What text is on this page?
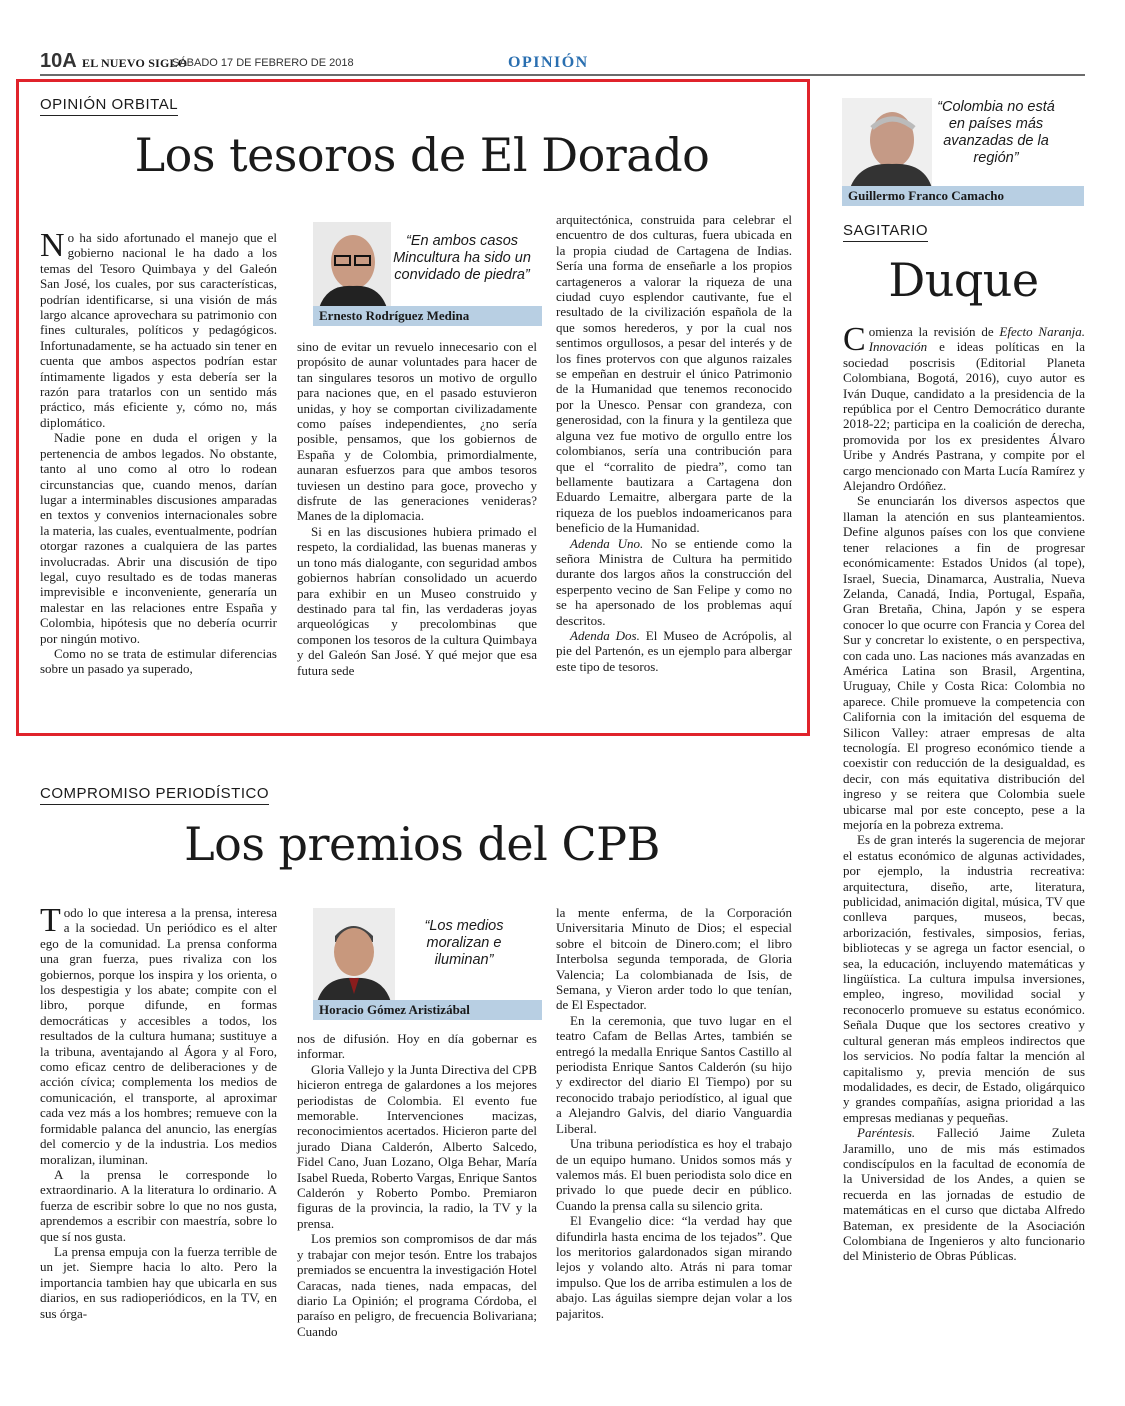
10A EL NUEVO SIGLO
SÁBADO 17 DE FEBRERO DE 2018	OPINIÓN
OPINIÓN ORBITAL
Los tesoros de El Dorado

No ha sido afortunado el manejo que el gobierno nacional le ha dado a los temas del Tesoro Quimbaya y del Galeón San José, los cuales, por sus características, podrían identificarse, si una visión de más largo alcance aprovechara su patrimonio con fines culturales, políticos y pedagógicos. Infortunadamente, se ha actuado sin tener en cuenta que ambos aspectos podrían estar íntimamente ligados y esta debería ser la razón para tratarlos con un sentido más práctico, más eficiente y, cómo no, más diplomático.

Nadie pone en duda el origen y la pertenencia de ambos legados. No obstante, tanto al uno como al otro lo rodean circunstancias que, cuando menos, darían lugar a interminables discusiones amparadas en textos y convenios internacionales sobre la materia, las cuales, eventualmente, podrían otorgar razones a cualquiera de las partes involucradas. Abrir una discusión de tipo legal, cuyo resultado es de todas maneras imprevisible e inconveniente, generaría un malestar en las relaciones entre España y Colombia, hipótesis que no debería ocurrir por ningún motivo.

Como no se trata de estimular diferencias sobre un pasado ya superado,

“En ambos casos Mincultura ha sido un convidado de piedra”
Ernesto Rodríguez Medina

sino de evitar un revuelo innecesario con el propósito de aunar voluntades para hacer de tan singulares tesoros un motivo de orgullo para naciones que, en el pasado estuvieron unidas, y hoy se comportan civilizadamente como países independientes, ¿no sería posible, pensamos, que los gobiernos de España y de Colombia, primordialmente, aunaran esfuerzos para que ambos tesoros tuviesen un destino para goce, provecho y disfrute de las generaciones venideras? Manes de la diplomacia.

Si en las discusiones hubiera primado el respeto, la cordialidad, las buenas maneras y un tono más dialogante, con seguridad ambos gobiernos habrían consolidado un acuerdo para exhibir en un Museo construido y destinado para tal fin, las verdaderas joyas arqueológicas y precolombinas que componen los tesoros de la cultura Quimbaya y del Galeón San José. Y qué mejor que esa futura sede

arquitectónica, construida para celebrar el encuentro de dos culturas, fuera ubicada en la propia ciudad de Cartagena de Indias. Sería una forma de enseñarle a los propios cartageneros a valorar la riqueza de una ciudad cuyo esplendor cautivante, fue el resultado de la civilización española de la que somos herederos, y por la cual nos sentimos orgullosos, a pesar del interés y de los fines protervos con que algunos raizales se empeñan en destruir el único Patrimonio de la Humanidad que tenemos reconocido por la Unesco. Pensar con grandeza, con generosidad, con la finura y la gentileza que alguna vez fue motivo de orgullo entre los colombianos, sería una contribución para que el “corralito de piedra”, como tan bellamente bautizara a Cartagena don Eduardo Lemaitre, albergara parte de la riqueza de los pueblos indoamericanos para beneficio de la Humanidad.

Adenda Uno. No se entiende como la señora Ministra de Cultura ha permitido durante dos largos años la construcción del esperpento vecino de San Felipe y como no se ha apersonado de los problemas aquí descritos.

Adenda Dos. El Museo de Acrópolis, al pie del Partenón, es un ejemplo para albergar este tipo de tesoros.

COMPROMISO PERIODÍSTICO
Los premios del CPB

Todo lo que interesa a la prensa, interesa a la sociedad. Un periódico es el alter ego de la comunidad. La prensa conforma una gran fuerza, pues rivaliza con los gobiernos, porque los inspira y los orienta, o los despestigia y los abate; compite con el libro, porque difunde, en formas democráticas y accesibles a todos, los resultados de la cultura humana; sustituye a la tribuna, aventajando al Ágora y al Foro, como eficaz centro de deliberaciones y de acción cívica; complementa los medios de comunicación, el transporte, al aproximar cada vez más a los hombres; remueve con la formidable palanca del anuncio, las energías del comercio y de la industria. Los medios moralizan, iluminan.

A la prensa le corresponde lo extraordinario. A la literatura lo ordinario. A fuerza de escribir sobre lo que no nos gusta, aprendemos a escribir con maestría, sobre lo que sí nos gusta.

La prensa empuja con la fuerza terrible de un jet. Siempre hacia lo alto. Pero la importancia tambien hay que ubicarla en sus diarios, en sus radioperiódicos, en la TV, en sus órga-

“Los medios moralizan e iluminan”
Horacio Gómez Aristizábal

nos de difusión. Hoy en día gobernar es informar.

Gloria Vallejo y la Junta Directiva del CPB hicieron entrega de galardones a los mejores periodistas de Colombia. El evento fue memorable. Intervenciones macizas, reconocimientos acertados. Hicieron parte del jurado Diana Calderón, Alberto Salcedo, Fidel Cano, Juan Lozano, Olga Behar, María Isabel Rueda, Roberto Vargas, Enrique Santos Calderón y Roberto Pombo. Premiaron figuras de la provincia, la radio, la TV y la prensa.

Los premios son compromisos de dar más y trabajar con mejor tesón. Entre los trabajos premiados se encuentra la investigación Hotel Caracas, nada tienes, nada empacas, del diario La Opinión; el programa Córdoba, el paraíso en peligro, de frecuencia Bolivariana; Cuando

la mente enferma, de la Corporación Universitaria Minuto de Dios; el especial sobre el bitcoin de Dinero.com; el libro Interbolsa segunda temporada, de Gloria Valencia; La colombianada de Isis, de Semana, y Vieron arder todo lo que tenían, de El Espectador.

En la ceremonia, que tuvo lugar en el teatro Cafam de Bellas Artes, también se entregó la medalla Enrique Santos Castillo al periodista Enrique Santos Calderón (su hijo y exdirector del diario El Tiempo) por su reconocido trabajo periodístico, al igual que a Alejandro Galvis, del diario Vanguardia Liberal.

Una tribuna periodística es hoy el trabajo de un equipo humano. Unidos somos más y valemos más. El buen periodista solo dice en privado lo que puede decir en público. Cuando la prensa calla su silencio grita.

El Evangelio dice: “la verdad hay que difundirla hasta encima de los tejados”. Que los meritorios galardonados sigan mirando lejos y volando alto. Atrás ni para tomar impulso. Que los de arriba estimulen a los de abajo. Las águilas siempre dejan volar a los pajaritos.

“Colombia no está en países más avanzadas de la región”
Guillermo Franco Camacho
SAGITARIO
Duque

Comienza la revisión de Efecto Naranja. Innovación e ideas políticas en la sociedad poscrisis (Editorial Planeta Colombiana, Bogotá, 2016), cuyo autor es Iván Duque, candidato a la presidencia de la república por el Centro Democrático durante 2018-22; participa en la coalición de derecha, promovida por los ex presidentes Álvaro Uribe y Andrés Pastrana, y compite por el cargo mencionado con Marta Lucía Ramírez y Alejandro Ordóñez.

Se enunciarán los diversos aspectos que llaman la atención en sus planteamientos. Define algunos países con los que conviene tener relaciones a fin de progresar económicamente: Estados Unidos (al tope), Israel, Suecia, Dinamarca, Australia, Nueva Zelanda, Canadá, India, Portugal, España, Gran Bretaña, China, Japón y se espera conocer lo que ocurre con Francia y Corea del Sur y concretar lo existente, o en perspectiva, con cada uno. Las naciones más avanzadas en América Latina son Brasil, Argentina, Uruguay, Chile y Costa Rica: Colombia no aparece. Chile promueve la competencia con California con la imitación del esquema de Silicon Valley: atraer empresas de alta tecnología. El progreso económico tiende a coexistir con reducción de la desigualdad, es decir, con más equitativa distribución del ingreso y se reitera que Colombia suele ubicarse mal por este concepto, pese a la mejoría en la pobreza extrema.

Es de gran interés la sugerencia de mejorar el estatus económico de algunas actividades, por ejemplo, la industria recreativa: arquitectura, diseño, arte, literatura, publicidad, animación digital, música, TV que conlleva parques, museos, becas, arborización, festivales, simposios, ferias, bibliotecas y se agrega un factor esencial, o sea, la educación, incluyendo matemáticas y lingüística. La cultura impulsa inversiones, empleo, ingreso, movilidad social y reconocerlo promueve su estatus económico. Señala Duque que los sectores creativo y cultural generan más empleos indirectos que los servicios. No podía faltar la mención al capitalismo y, previa mención de sus modalidades, es decir, de Estado, oligárquico y grandes compañías, asigna prioridad a las empresas medianas y pequeñas.

Paréntesis. Falleció Jaime Zuleta Jaramillo, uno de mis más estimados condiscípulos en la facultad de economía de la Universidad de los Andes, a quien se recuerda en las jornadas de estudio de matemáticas en el curso que dictaba Alfredo Bateman, ex presidente de la Asociación Colombiana de Ingenieros y alto funcionario del Ministerio de Obras Públicas.
